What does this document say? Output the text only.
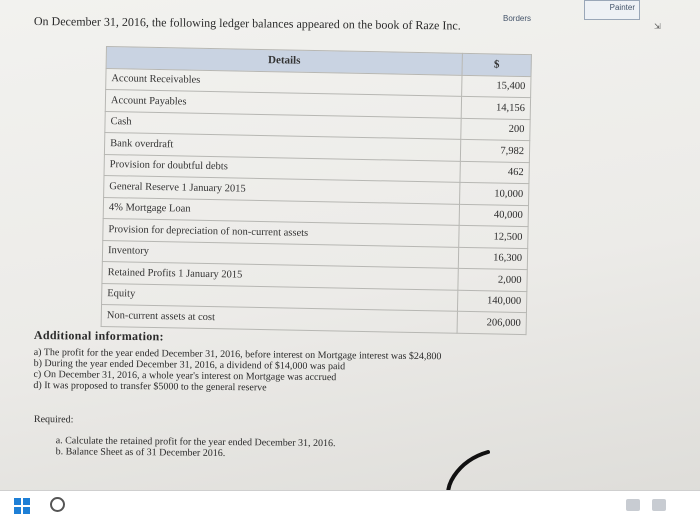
Borders
Painter
⇲
On December 31, 2016, the following ledger balances appeared on the book of Raze Inc.
Details	$
Account Receivables	15,400
Account Payables	14,156
Cash	200
Bank overdraft	7,982
Provision for doubtful debts	462
General Reserve 1 January 2015	10,000
4% Mortgage Loan	40,000
Provision for depreciation of non-current assets	12,500
Inventory	16,300
Retained Profits 1 January 2015	2,000
Equity	140,000
Non-current assets at cost	206,000
Additional information:
a) The profit for the year ended December 31, 2016, before interest on Mortgage interest was $24,800
b) During the year ended December 31, 2016, a dividend of $14,000 was paid
c) On December 31, 2016, a whole year's interest on Mortgage was accrued
d) It was proposed to transfer $5000 to the general reserve
Required:
a. Calculate the retained profit for the year ended December 31, 2016.
b. Balance Sheet as of 31 December 2016.
